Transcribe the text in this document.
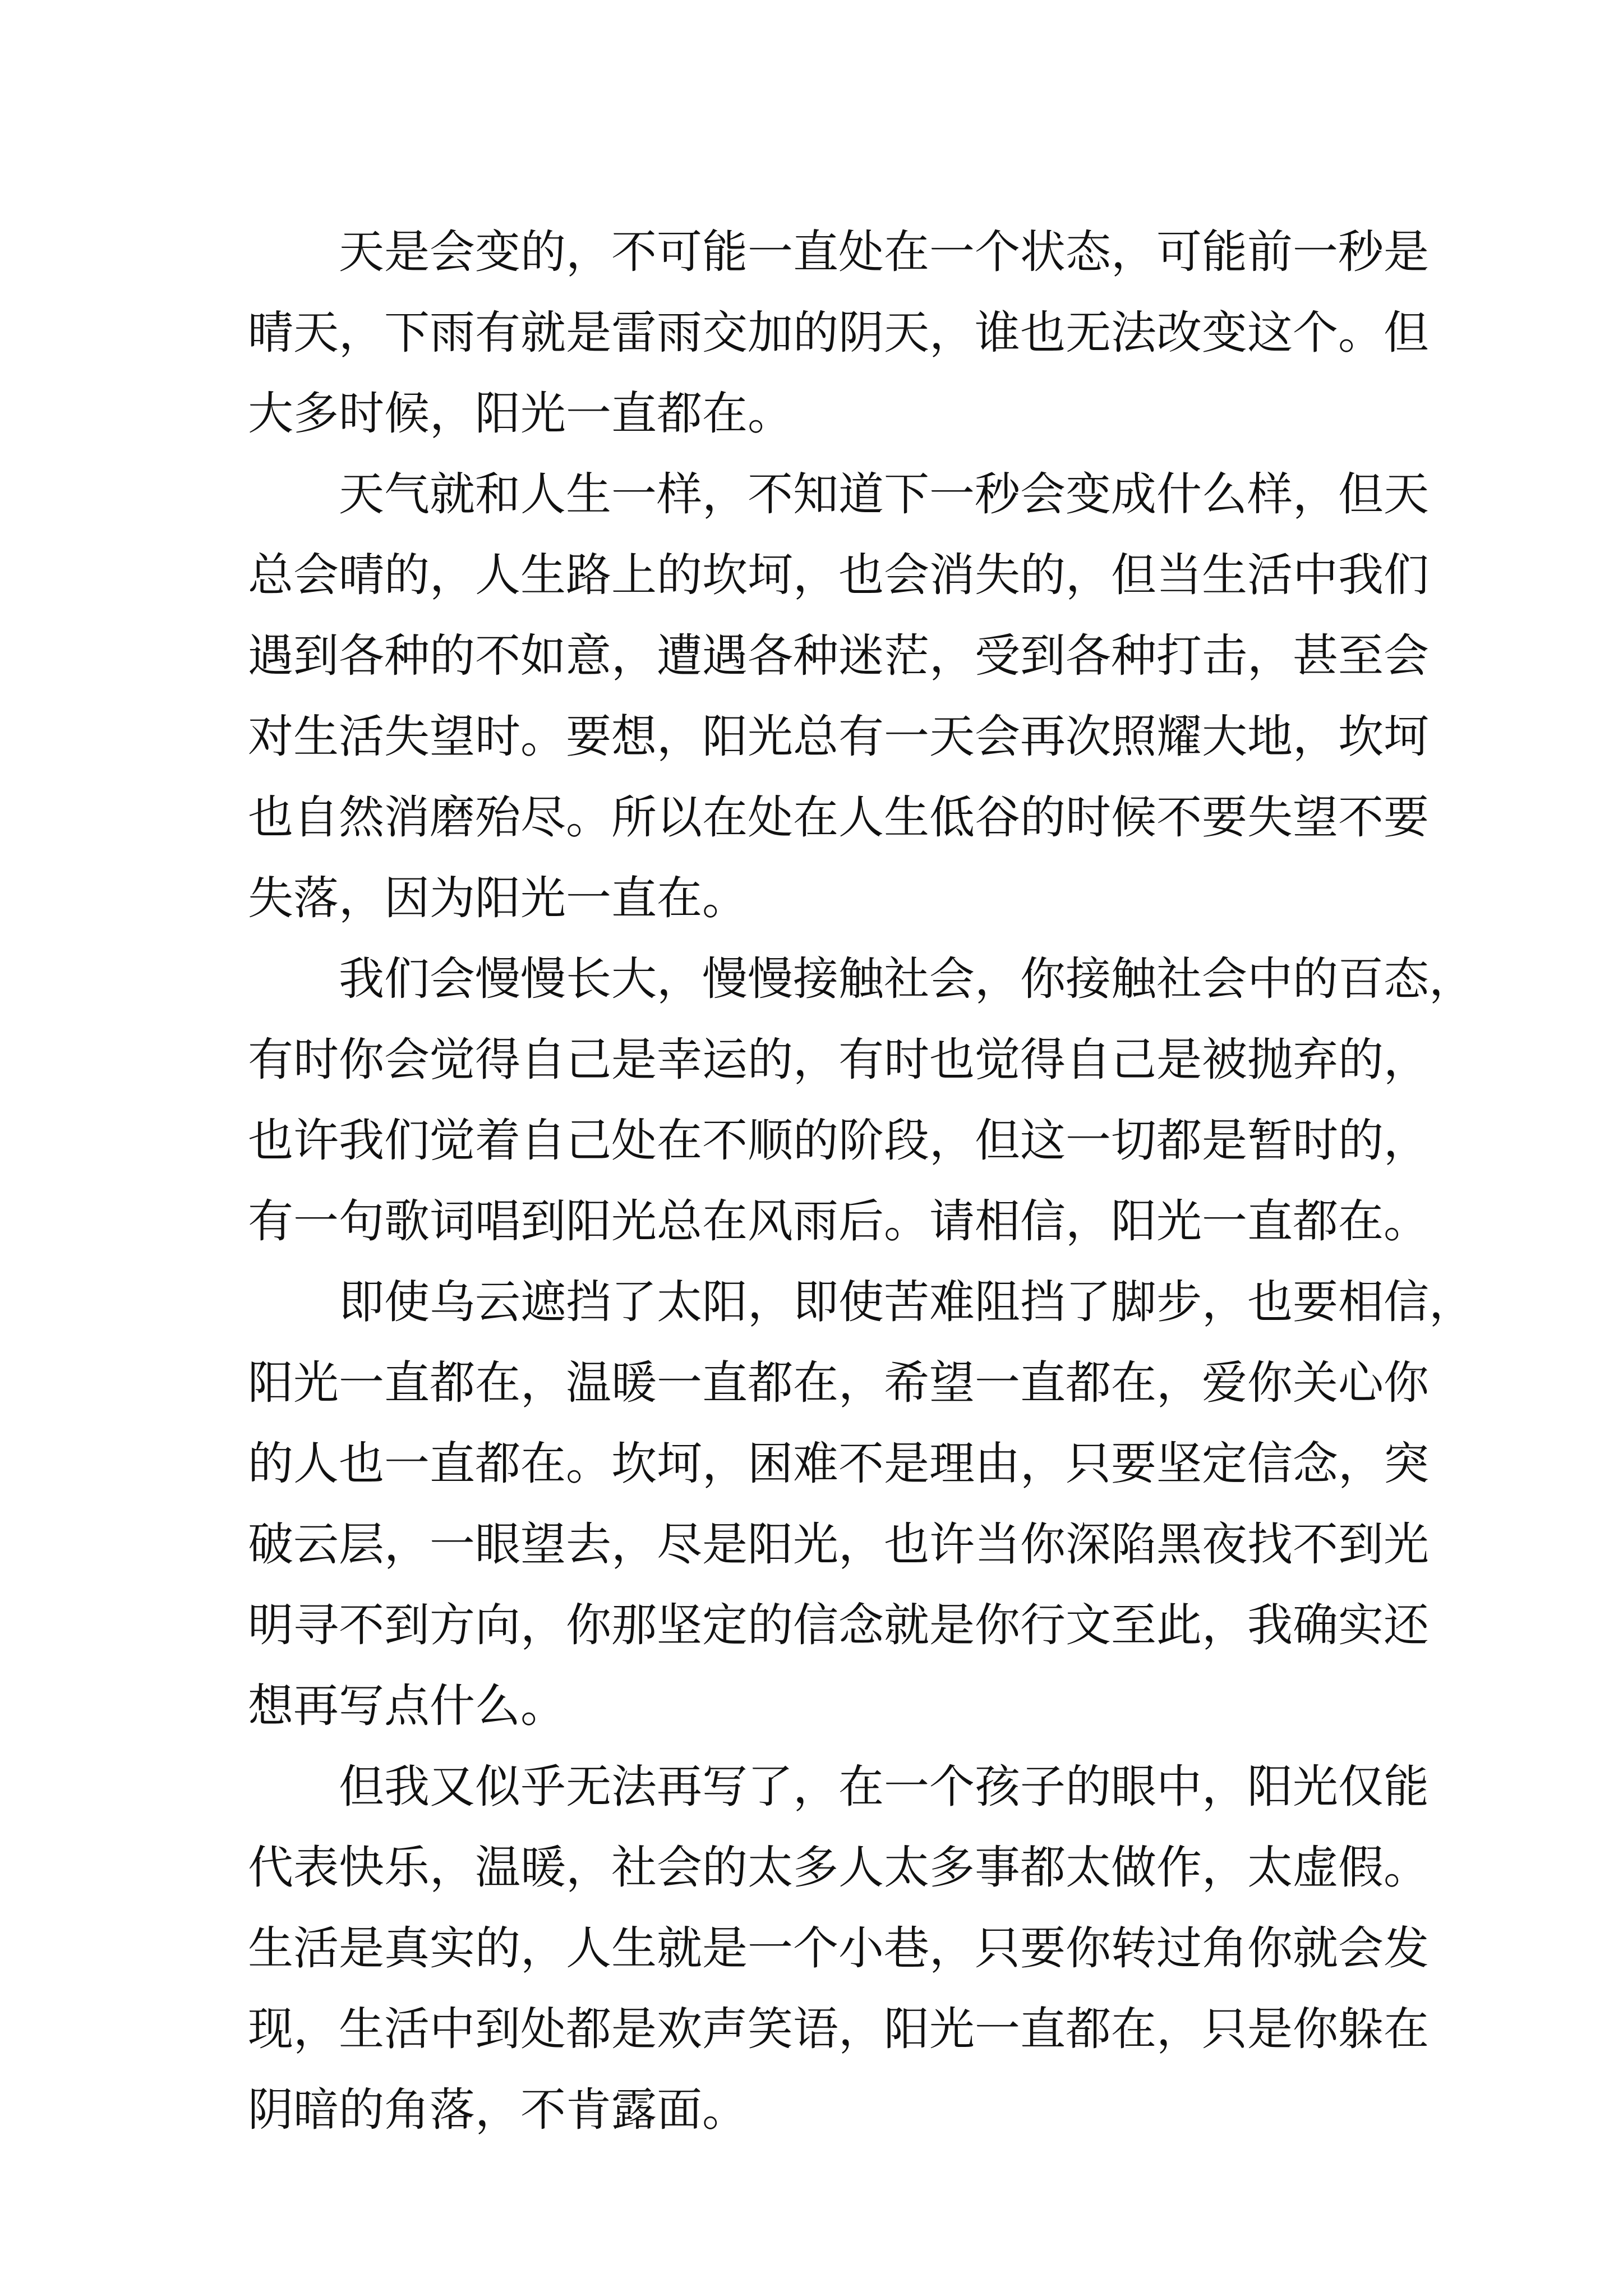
天是会变的，不可能一直处在一个状态，可能前一秒是
晴天，下雨有就是雷雨交加的阴天，谁也无法改变这个。但
大多时候，阳光一直都在。
天气就和人生一样，不知道下一秒会变成什么样，但天
总会晴的，人生路上的坎坷，也会消失的，但当生活中我们
遇到各种的不如意，遭遇各种迷茫，受到各种打击，甚至会
对生活失望时。要想，阳光总有一天会再次照耀大地，坎坷
也自然消磨殆尽。所以在处在人生低谷的时候不要失望不要
失落，因为阳光一直在。
我们会慢慢长大，慢慢接触社会，你接触社会中的百态，
有时你会觉得自己是幸运的，有时也觉得自己是被抛弃的，
也许我们觉着自己处在不顺的阶段，但这一切都是暂时的，
有一句歌词唱到阳光总在风雨后。请相信，阳光一直都在。
即使乌云遮挡了太阳，即使苦难阻挡了脚步，也要相信，
阳光一直都在，温暖一直都在，希望一直都在，爱你关心你
的人也一直都在。坎坷，困难不是理由，只要坚定信念，突
破云层，一眼望去，尽是阳光，也许当你深陷黑夜找不到光
明寻不到方向，你那坚定的信念就是你行文至此，我确实还
想再写点什么。
但我又似乎无法再写了，在一个孩子的眼中，阳光仅能
代表快乐，温暖，社会的太多人太多事都太做作，太虚假。
生活是真实的，人生就是一个小巷，只要你转过角你就会发
现，生活中到处都是欢声笑语，阳光一直都在，只是你躲在
阴暗的角落，不肯露面。
